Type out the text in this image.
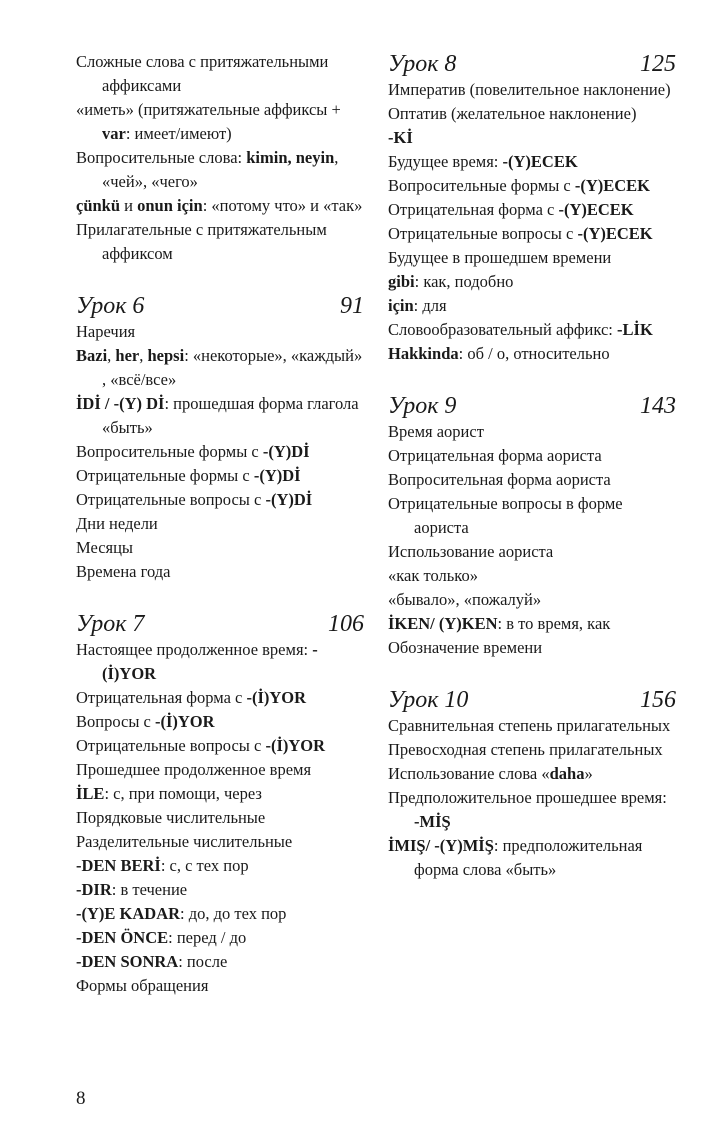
Сложные слова с притяжательными аффиксами
«иметь» (притяжательные аффиксы + var: имеет/имеют)
Вопросительные слова: kimin, neyin, «чей», «чего»
çünkü и onun için: «потому что» и «так»
Прилагательные с притяжательным аффиксом
Урок 6	91
Наречия
Bazi, her, hepsi: «некоторые», «каждый» , «всё/все»
İDİ / -(Y) Dİ: прошедшая форма глагола «быть»
Вопросительные формы с -(Y)Dİ
Отрицательные формы с -(Y)Dİ
Отрицательные вопросы с -(Y)Dİ
Дни недели
Месяцы
Времена года
Урок 7	106
Настоящее продолженное время: -(İ)YOR
Отрицательная форма с -(İ)YOR
Вопросы с -(İ)YOR
Отрицательные вопросы с -(İ)YOR
Прошедшее продолженное время
İLE: с, при помощи, через
Порядковые числительные
Разделительные числительные
-DEN BERİ: с, с тех пор
-DIR: в течение
-(Y)E KADAR: до, до тех пор
-DEN ÖNCE: перед / до
-DEN SONRA: после
Формы обращения
Урок 8	125
Императив (повелительное наклонение)
Оптатив (желательное наклонение)
-Kİ
Будущее время: -(Y)ECEK
Вопросительные формы с -(Y)ECEK
Отрицательная форма с -(Y)ECEK
Отрицательные вопросы с -(Y)ECEK
Будущее в прошедшем времени
gibi: как, подобно
için: для
Словообразовательный аффикс: -LİK
Hakkinda: об / о, относительно
Урок 9	143
Время аорист
Отрицательная форма аориста
Вопросительная форма аориста
Отрицательные вопросы в форме аориста
Использование аориста
«как только»
«бывало», «пожалуй»
İKEN/ (Y)KEN: в то время, как
Обозначение времени
Урок 10	156
Сравнительная степень прилагательных
Превосходная степень прилагательных
Использование слова «daha»
Предположительное прошедшее время: -MİŞ
İMIŞ/ -(Y)MİŞ: предположительная форма слова «быть»
8
